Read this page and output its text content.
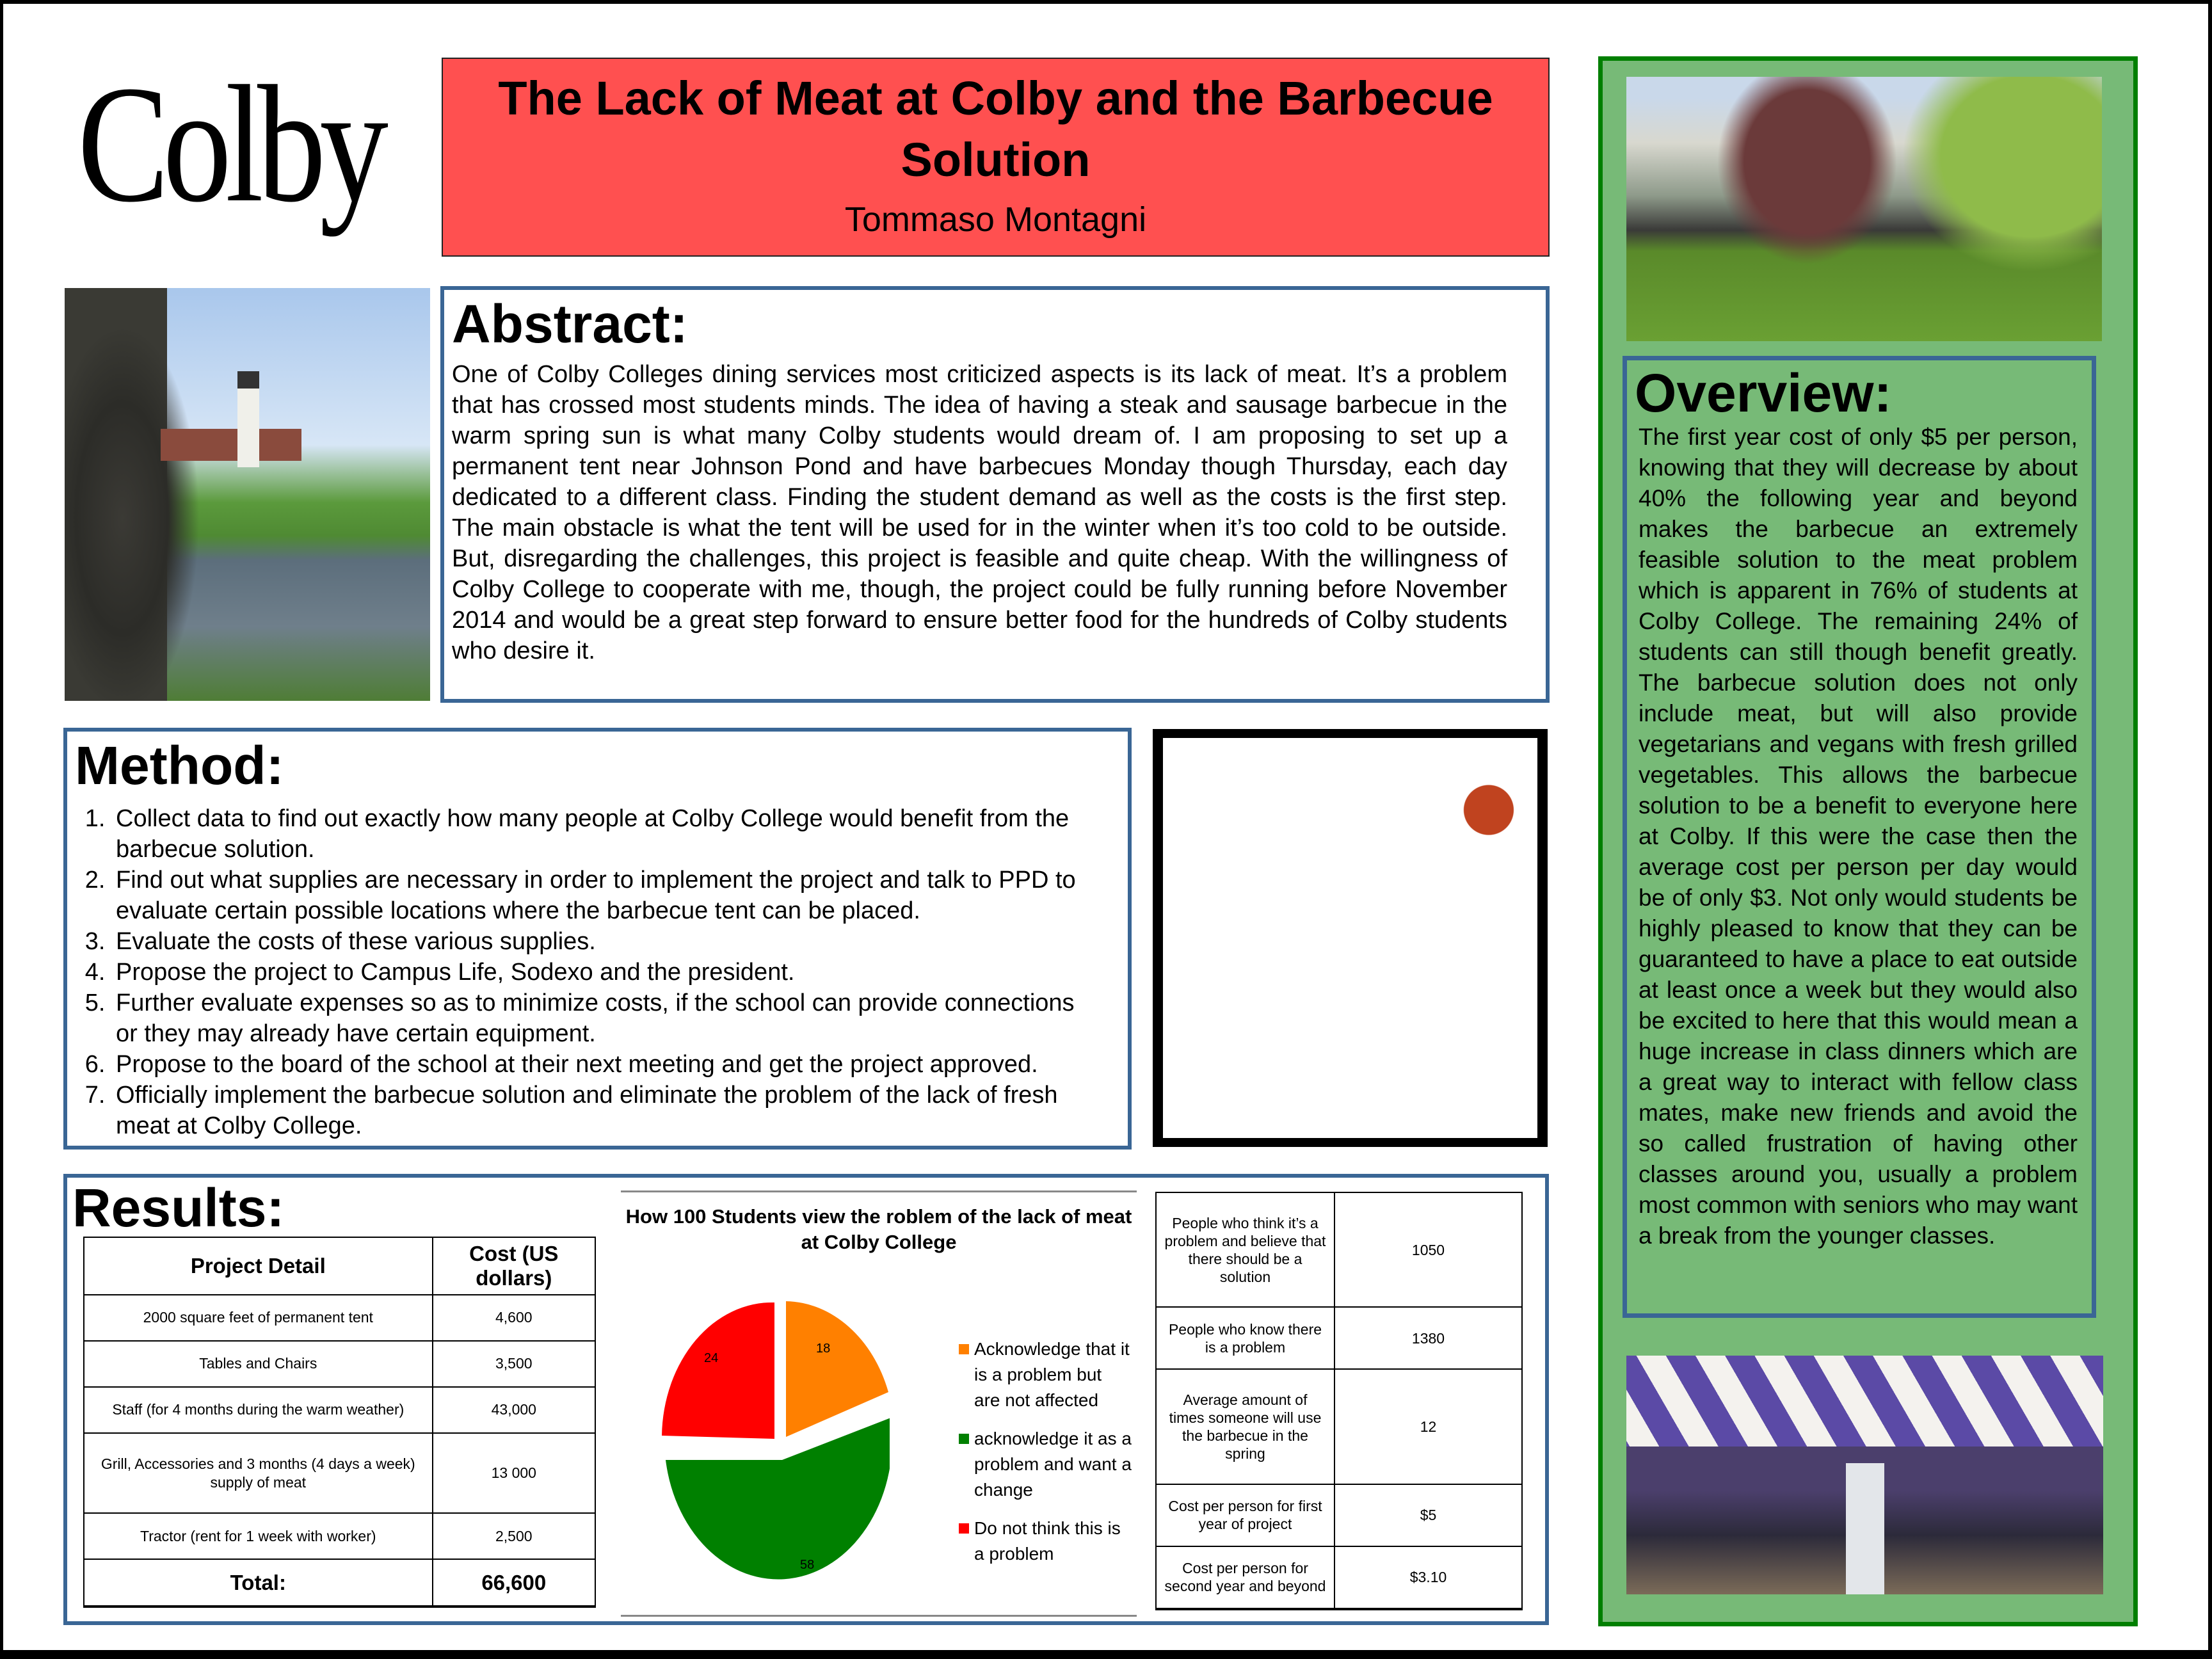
Colby	The Lack of Meat at Colby and the Barbecue Solution
Tommaso Montagni
Abstract:

One of Colby Colleges dining services most criticized aspects is its lack of meat. It’s a problem that has crossed most students minds. The idea of having a steak and sausage barbecue in the warm spring sun is what many Colby students would dream of. I am proposing to set up a permanent tent near Johnson Pond and have barbecues Monday though Thursday, each day dedicated to a different class. Finding the student demand as well as the costs is the first step. The main obstacle is what the tent will be used for in the winter when it’s too cold to be outside. But, disregarding the challenges, this project is feasible and quite cheap. With the willingness of Colby College to cooperate with me, though, the project could be fully running before November 2014 and would be a great step forward to ensure better food for the hundreds of Colby students who desire it.

Method:
1. Collect data to find out exactly how many people at Colby College would benefit from the barbecue solution.
2. Find out what supplies are necessary in order to implement the project and talk to PPD to evaluate certain possible locations where the barbecue tent can be placed.
3. Evaluate the costs of these various supplies.
4. Propose the project to Campus Life, Sodexo and the president.
5. Further evaluate expenses so as to minimize costs, if the school can provide connections or they may already have certain equipment.
6. Propose to the board of the school at their next meeting and get the project approved.
7. Officially implement the barbecue solution and eliminate the problem of the lack of fresh meat at Colby College.
Results:
Project Detail	Cost (US dollars)
2000 square feet of permanent tent	4,600
Tables and Chairs	3,500
Staff (for 4 months during the warm weather)	43,000
Grill, Accessories and 3 months (4 days a week) supply of meat	13 000
Tractor (rent for 1 week with worker)	2,500
Total:	66,600
How 100 Students view the roblem of the lack of meat at Colby College
18
24
58
Acknowledge that it is a problem but are not affected
acknowledge it as a problem and want a change
Do not think this is a problem
People who think it’s a problem and believe that there should be a solution	1050
People who know there is a problem	1380
Average amount of times someone will use the barbecue in the spring	12
Cost per person for first year of project	$5
Cost per person for second year and beyond	$3.10
Overview:

The first year cost of only $5 per person, knowing that they will decrease by about 40% the following year and beyond makes the barbecue an extremely feasible solution to the meat problem which is apparent in 76% of students at Colby College. The remaining 24% of students can still though benefit greatly. The barbecue solution does not only include meat, but will also provide vegetarians and vegans with fresh grilled vegetables. This allows the barbecue solution to be a benefit to everyone here at Colby. If this were the case then the average cost per person per day would be of only $3. Not only would students be highly pleased to know that they can be guaranteed to have a place to eat outside at least once a week but they would also be excited to here that this would mean a huge increase in class dinners which are a great way to interact with fellow class mates, make new friends and avoid the so called frustration of having other classes around you, usually a problem most common with seniors who may want a break from the younger classes.
